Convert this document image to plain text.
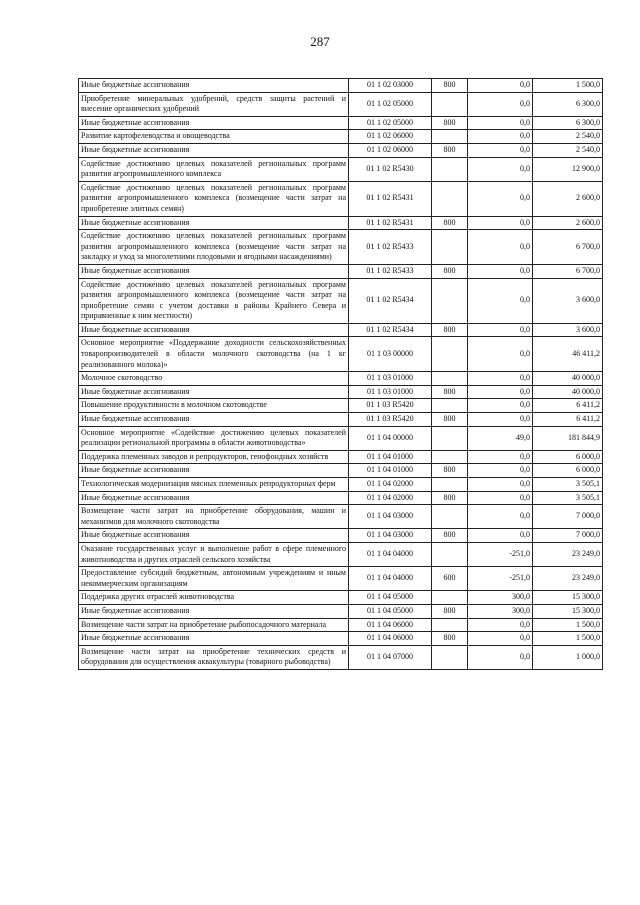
287
Иные бюджетные ассигнования	01 1 02 03000	800	0,0	1 500,0
Приобретение минеральных удобрений, средств защиты растений и внесение органических удобрений	01 1 02 05000		0,0	6 300,0
Иные бюджетные ассигнования	01 1 02 05000	800	0,0	6 300,0
Развитие картофелеводства и овощеводства	01 1 02 06000		0,0	2 540,0
Иные бюджетные ассигнования	01 1 02 06000	800	0,0	2 540,0
Содействие достижению целевых показателей региональных программ развития агропромышленного комплекса	01 1 02 R5430		0,0	12 900,0
Содействие достижению целевых показателей региональных программ развития агропромышленного комплекса (возмещение части затрат на приобретение элитных семян)	01 1 02 R5431		0,0	2 600,0
Иные бюджетные ассигнования	01 1 02 R5431	800	0,0	2 600,0
Содействие достижению целевых показателей региональных программ развития агропромышленного комплекса (возмещение части затрат на закладку и уход за многолетними плодовыми и ягодными насаждениями)	01 1 02 R5433		0,0	6 700,0
Иные бюджетные ассигнования	01 1 02 R5433	800	0,0	6 700,0
Содействие достижению целевых показателей региональных программ развития агропромышленного комплекса (возмещение части затрат на приобретение семян с учетом доставки в районы Крайнего Севера и приравненные к ним местности)	01 1 02 R5434		0,0	3 600,0
Иные бюджетные ассигнования	01 1 02 R5434	800	0,0	3 600,0
Основное мероприятие «Поддержание доходности сельскохозяйственных товаропроизводителей в области молочного скотоводства (на 1 кг реализованного молока)»	01 1 03 00000		0,0	46 411,2
Молочное скотоводство	01 1 03 01000		0,0	40 000,0
Иные бюджетные ассигнования	01 1 03 01000	800	0,0	40 000,0
Повышение продуктивности в молочном скотоводстве	01 1 03 R5420		0,0	6 411,2
Иные бюджетные ассигнования	01 1 03 R5420	800	0,0	6 411,2
Основное мероприятие «Содействие достижению целевых показателей реализации региональной программы в области животноводства»	01 1 04 00000		49,0	181 844,9
Поддержка племенных заводов и репродукторов, генофондных хозяйств	01 1 04 01000		0,0	6 000,0
Иные бюджетные ассигнования	01 1 04 01000	800	0,0	6 000,0
Технологическая модернизация мясных племенных репродукторных ферм	01 1 04 02000		0,0	3 505,1
Иные бюджетные ассигнования	01 1 04 02000	800	0,0	3 505,1
Возмещение части затрат на приобретение оборудования, машин и механизмов для молочного скотоводства	01 1 04 03000		0,0	7 000,0
Иные бюджетные ассигнования	01 1 04 03000	800	0,0	7 000,0
Оказание государственных услуг и выполнение работ в сфере племенного животноводства и других отраслей сельского хозяйства	01 1 04 04000		-251,0	23 249,0
Предоставление субсидий бюджетным, автономным учреждениям и иным некоммерческим организациям	01 1 04 04000	600	-251,0	23 249,0
Поддержка других отраслей животноводства	01 1 04 05000		300,0	15 300,0
Иные бюджетные ассигнования	01 1 04 05000	800	300,0	15 300,0
Возмещение части затрат на приобретение рыбопосадочного материала	01 1 04 06000		0,0	1 500,0
Иные бюджетные ассигнования	01 1 04 06000	800	0,0	1 500,0
Возмещение части затрат на приобретение технических средств и оборудования для осуществления аквакультуры (товарного рыбоводства)	01 1 04 07000		0,0	1 000,0
